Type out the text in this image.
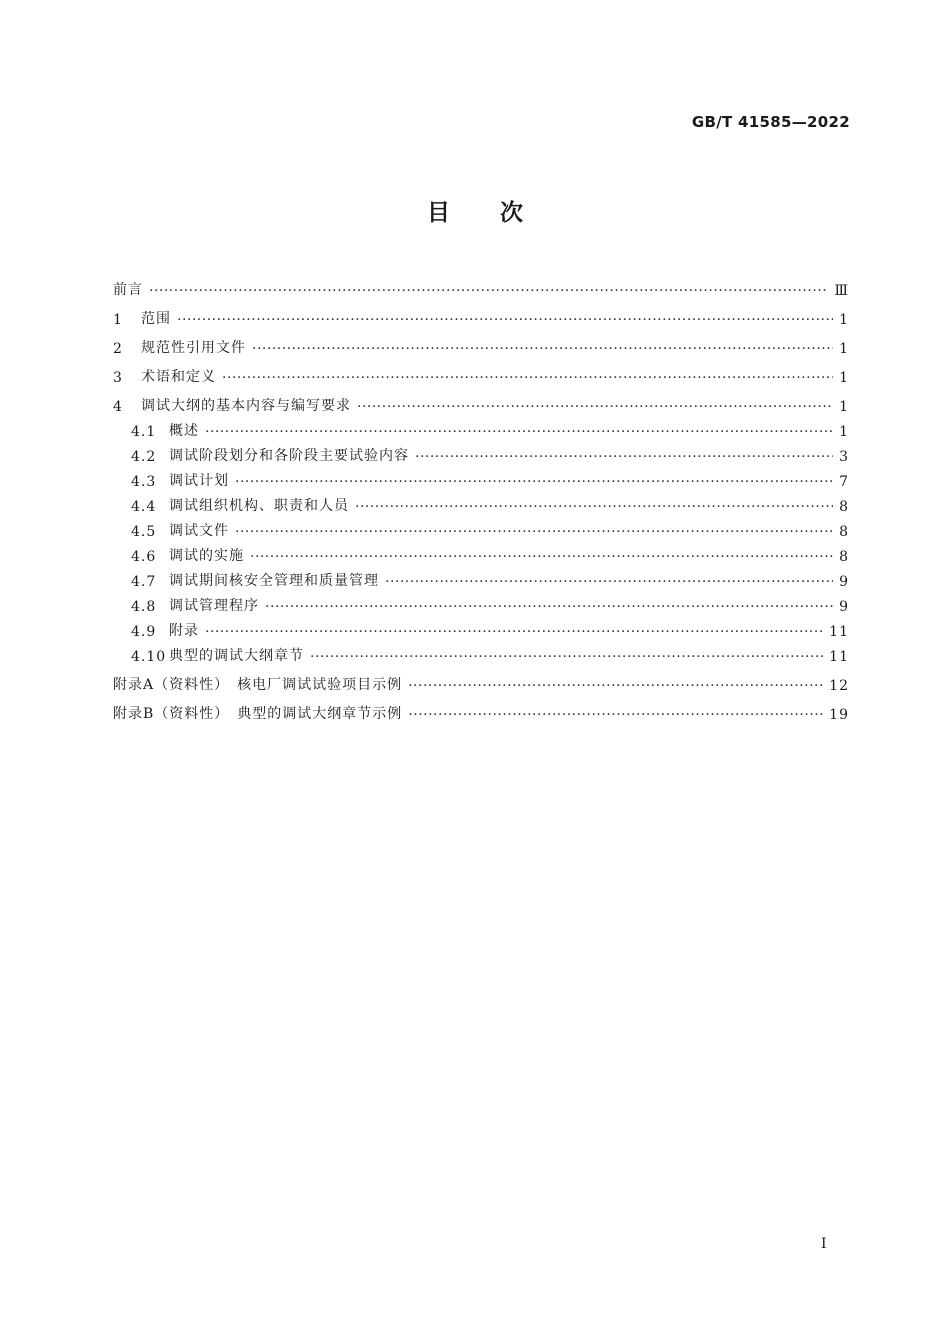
GB/T 41585—2022
目 次
前言 ·····	Ⅲ
1	范围 ·····	1
2	规范性引用文件 ·····	1
3	术语和定义 ·····	1
4	调试大纲的基本内容与编写要求 ·····	1
4.1 概述 ·····	1
4.2 调试阶段划分和各阶段主要试验内容 ·····	3
4.3 调试计划 ·····	7
4.4 调试组织机构、职责和人员 ·····	8
4.5 调试文件 ·····	8
4.6 调试的实施 ·····	8
4.7 调试期间核安全管理和质量管理 ·····	9
4.8 调试管理程序 ·····	9
4.9 附录 ·····	11
4.10 典型的调试大纲章节 ·····	11
附录A（资料性）　核电厂调试试验项目示例 ·····	12
附录B（资料性）　典型的调试大纲章节示例 ·····	19
I
